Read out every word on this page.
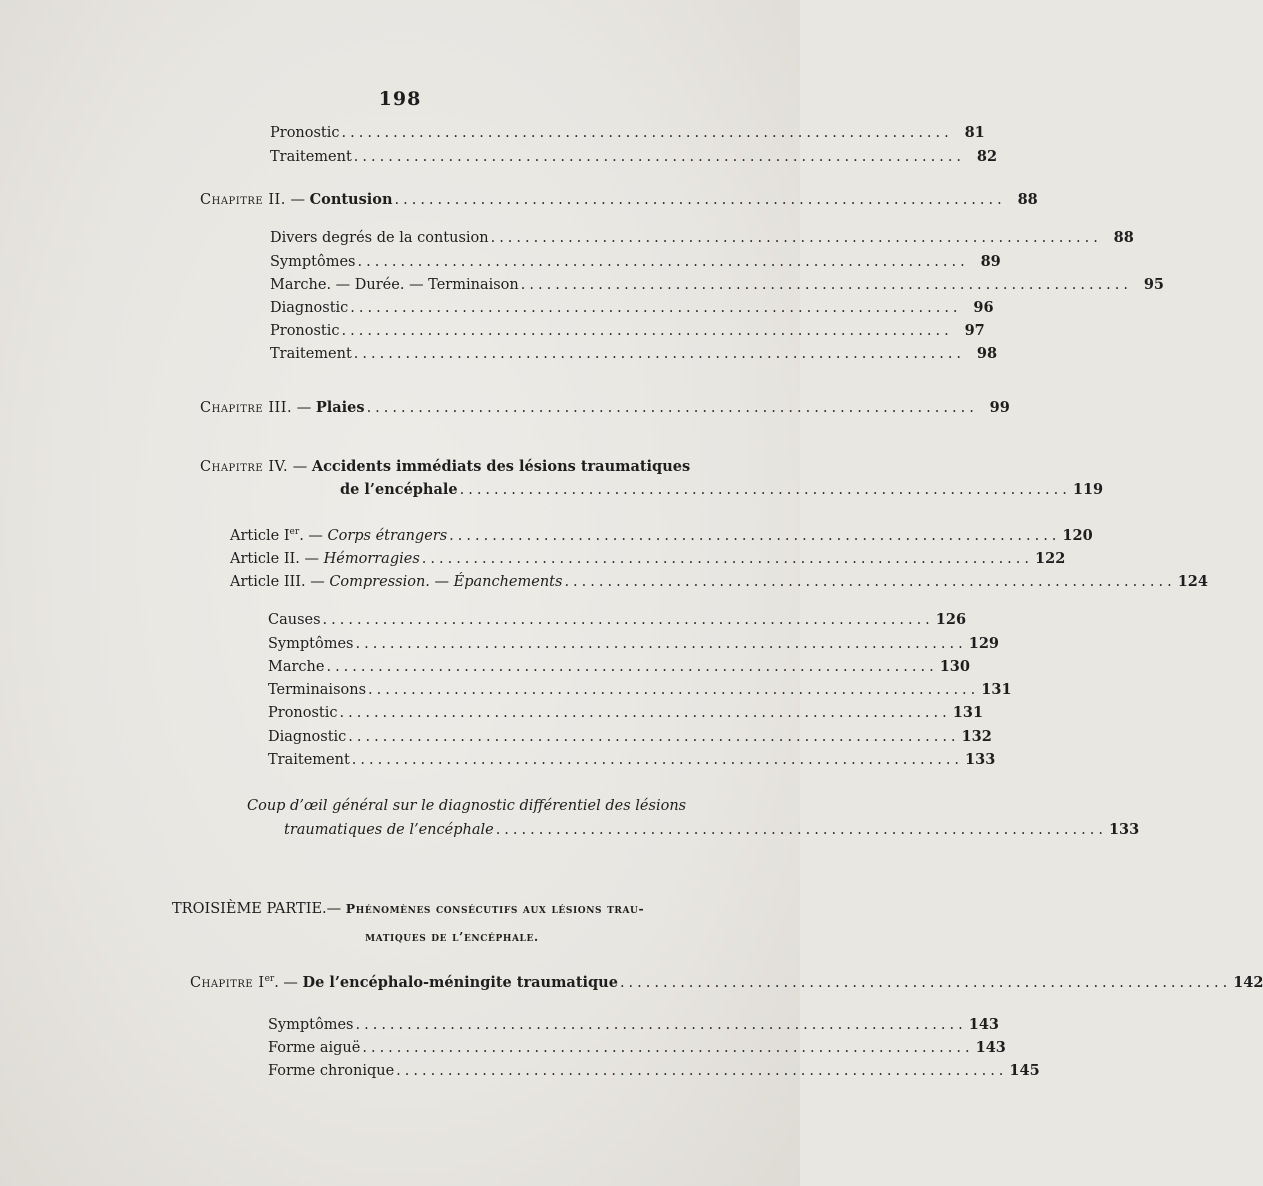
198
Pronostic ....................................................................... 81
Traitement ....................................................................... 82
Chapitre II. — Contusion ....................................................................... 88
Divers degrés de la contusion ....................................................................... 88
Symptômes ....................................................................... 89
Marche. — Durée. — Terminaison ....................................................................... 95
Diagnostic ....................................................................... 96
Pronostic ....................................................................... 97
Traitement ....................................................................... 98
Chapitre III. — Plaies ....................................................................... 99
Chapitre IV. — Accidents immédiats des lésions traumatiques
de l’encéphale ....................................................................... 119
Article Ier. — Corps étrangers ....................................................................... 120
Article II. — Hémorragies ....................................................................... 122
Article III. — Compression. — Épanchements ....................................................................... 124
Causes ....................................................................... 126
Symptômes ....................................................................... 129
Marche ....................................................................... 130
Terminaisons ....................................................................... 131
Pronostic ....................................................................... 131
Diagnostic ....................................................................... 132
Traitement ....................................................................... 133
Coup d’œil général sur le diagnostic différentiel des lésions
traumatiques de l’encéphale ....................................................................... 133
TROISIÈME PARTIE.— Phénomènes consécutifs aux lésions trau-
matiques de l’encéphale.
Chapitre Ier. — De l’encéphalo-méningite traumatique ....................................................................... 142
Symptômes ....................................................................... 143
Forme aiguë ....................................................................... 143
Forme chronique ....................................................................... 145
